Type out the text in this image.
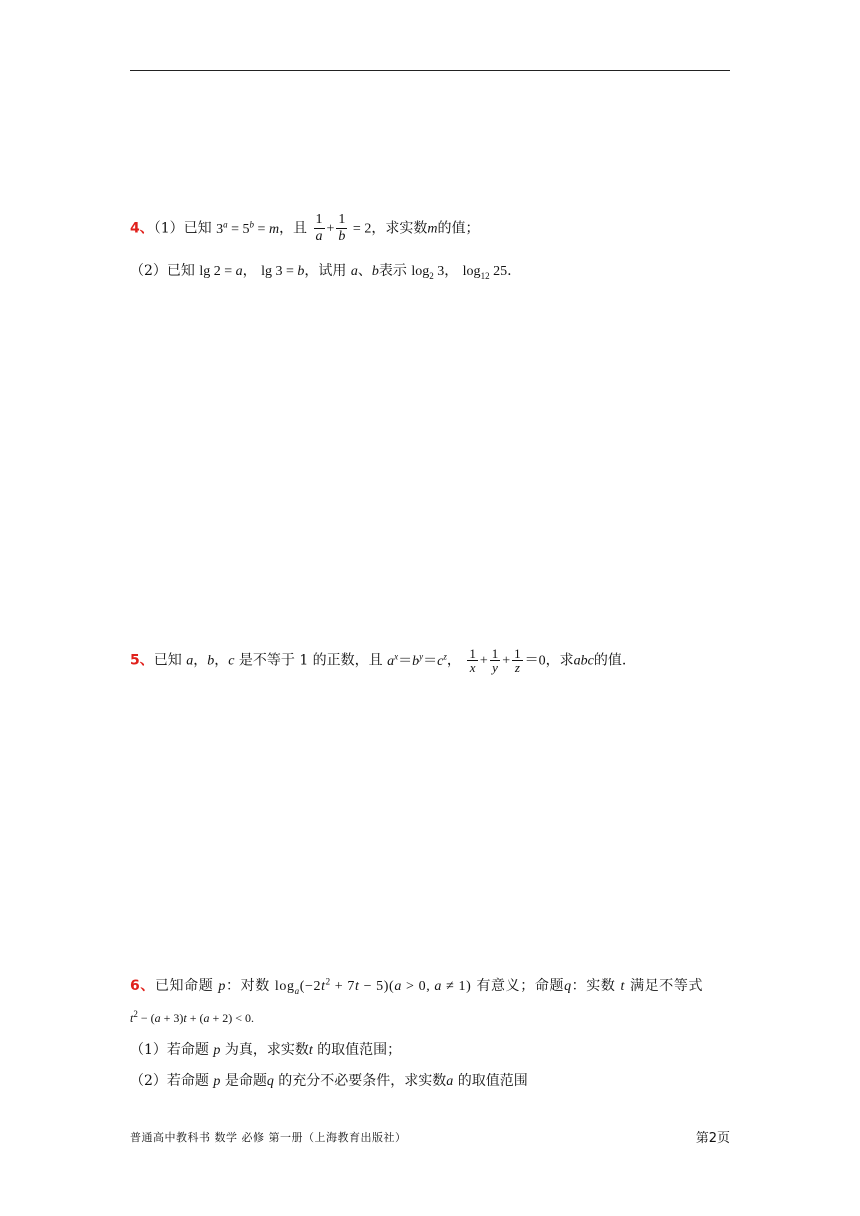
4、（1）已知 $3^a = 5^b = m$，且 $\frac{1}{a} + \frac{1}{b} = 2$，求实数m的值；
（2）已知 lg 2 = a， lg 3 = b，试用 a、b表示 $\log_2 3$， $\log_{12} 25$.
5、已知 a，b，c 是不等于 1 的正数，且 $a^x=b^y=c^z$， $\frac{1}{x} + \frac{1}{y} + \frac{1}{z} =0$，求abc的值.
6、已知命题 p：对数 $\log_a(-2t^2 + 7t - 5)(a > 0$, a ≠ 1) 有意义；命题q：实数 t 满足不等式
$t^2 - (a + 3)t + (a + 2) < 0$.
（1）若命题 p 为真，求实数t 的取值范围；
（2）若命题 p 是命题q 的充分不必要条件，求实数a 的取值范围
普通高中教科书 数学 必修 第一册（上海教育出版社）	第2页
